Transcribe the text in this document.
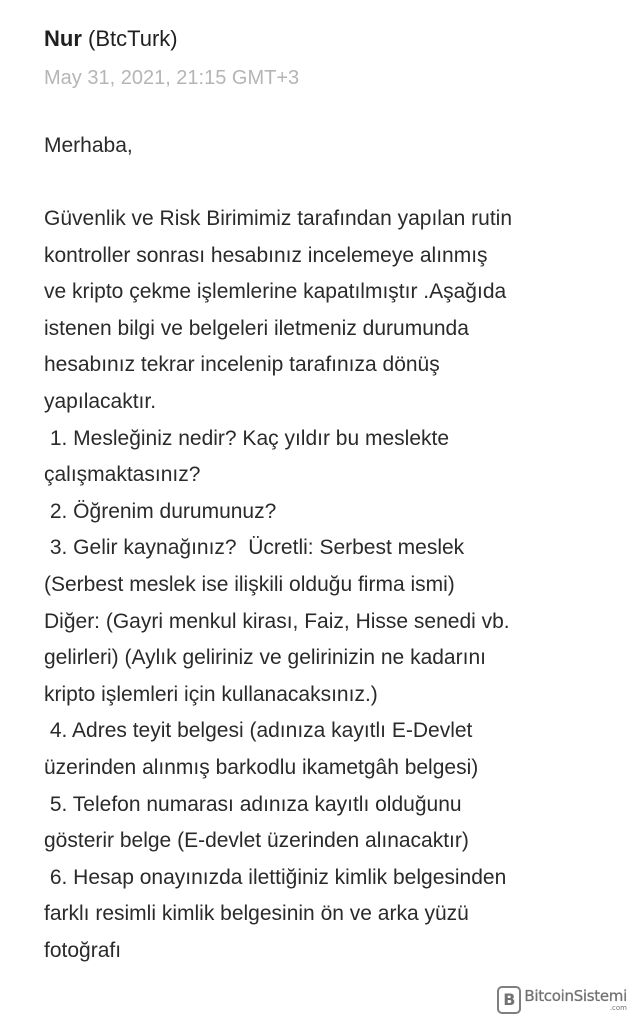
Nur (BtcTurk)
May 31, 2021, 21:15 GMT+3
Merhaba,
Güvenlik ve Risk Birimimiz tarafından yapılan rutin
kontroller sonrası hesabınız incelemeye alınmış
ve kripto çekme işlemlerine kapatılmıştır .Aşağıda
istenen bilgi ve belgeleri iletmeniz durumunda
hesabınız tekrar incelenip tarafınıza dönüş
yapılacaktır.
1. Mesleğiniz nedir? Kaç yıldır bu meslekte
çalışmaktasınız?
2. Öğrenim durumunuz?
3. Gelir kaynağınız?  Ücretli: Serbest meslek
(Serbest meslek ise ilişkili olduğu firma ismi)
Diğer: (Gayri menkul kirası, Faiz, Hisse senedi vb.
gelirleri) (Aylık geliriniz ve gelirinizin ne kadarını
kripto işlemleri için kullanacaksınız.)
4. Adres teyit belgesi (adınıza kayıtlı E-Devlet
üzerinden alınmış barkodlu ikametgâh belgesi)
5. Telefon numarası adınıza kayıtlı olduğunu
gösterir belge (E-devlet üzerinden alınacaktır)
6. Hesap onayınızda ilettiğiniz kimlik belgesinden
farklı resimli kimlik belgesinin ön ve arka yüzü
fotoğrafı
B BitcoinSistemi
.com
